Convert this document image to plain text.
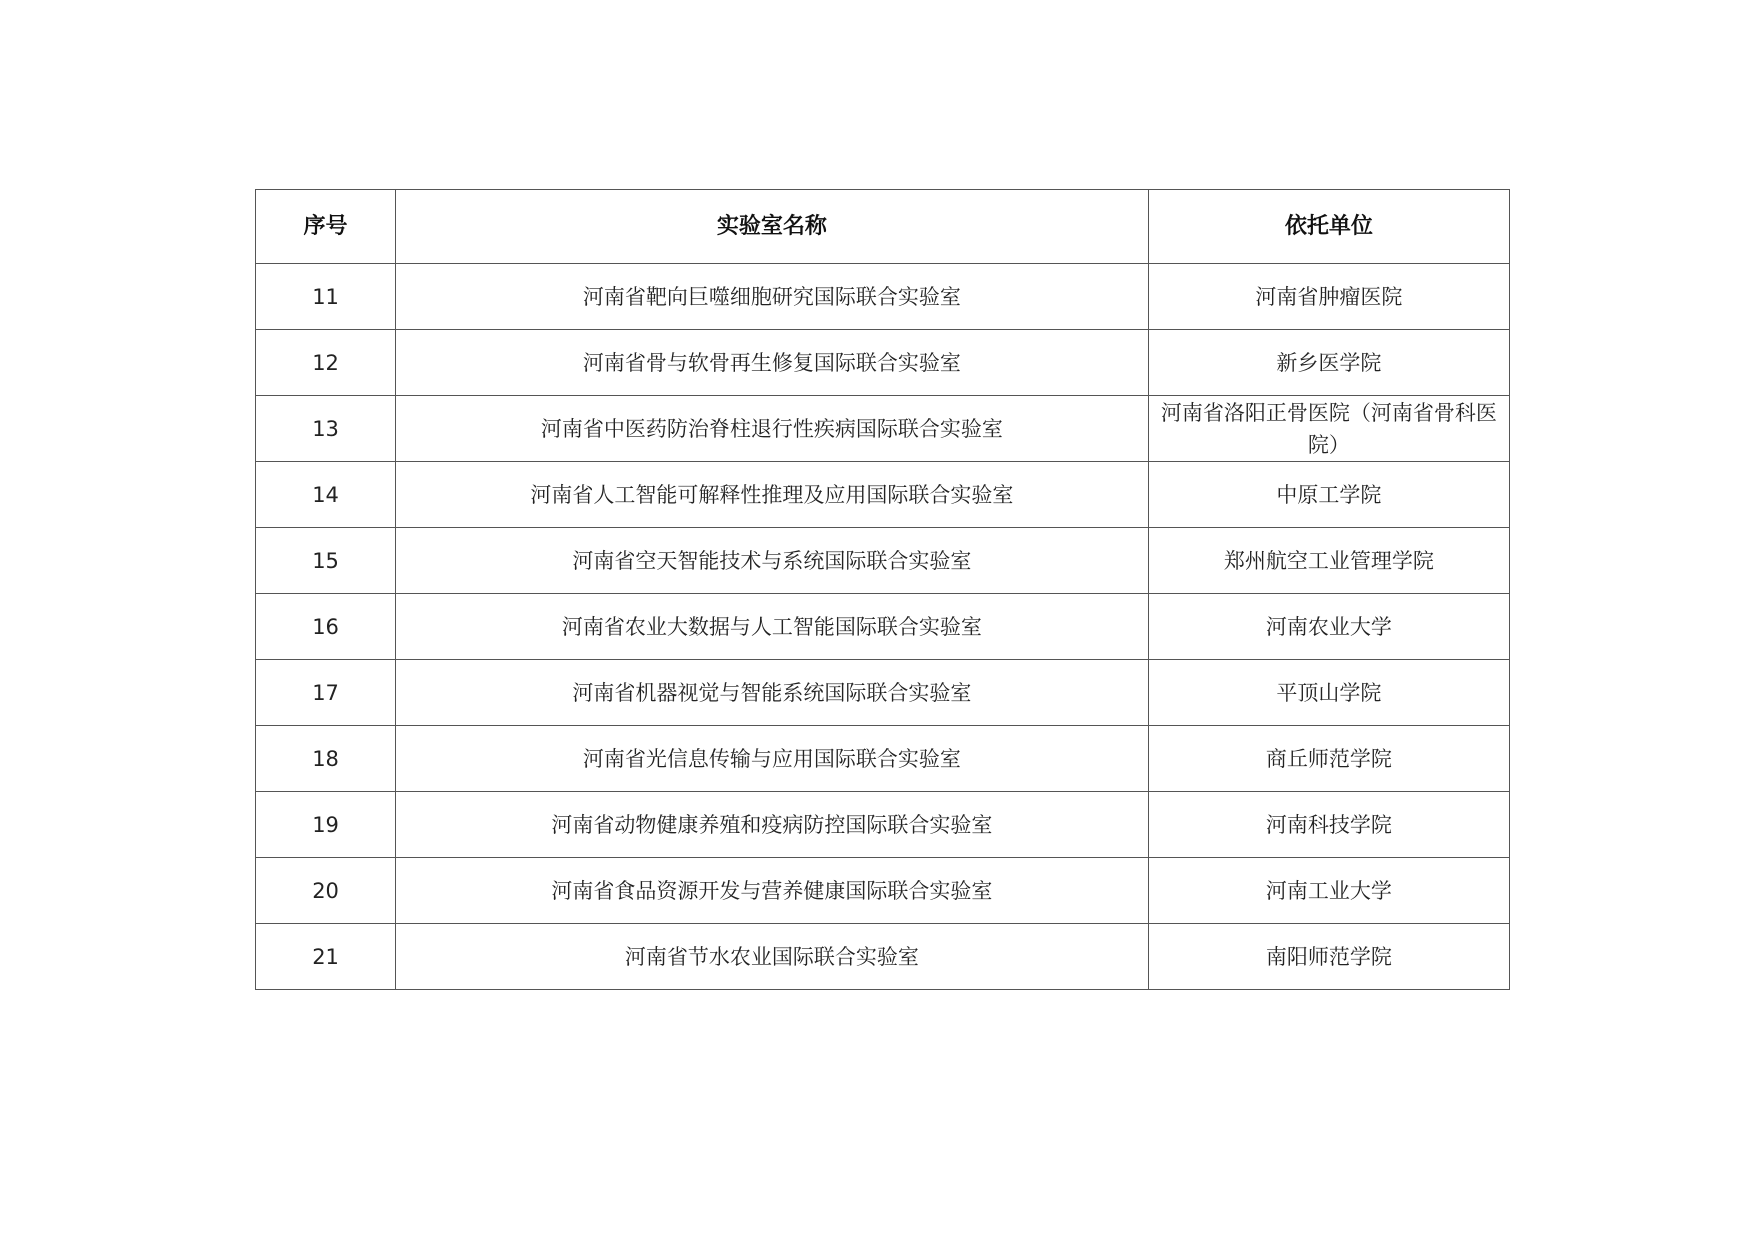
序号	实验室名称	依托单位
11	河南省靶向巨噬细胞研究国际联合实验室	河南省肿瘤医院
12	河南省骨与软骨再生修复国际联合实验室	新乡医学院
13	河南省中医药防治脊柱退行性疾病国际联合实验室	河南省洛阳正骨医院（河南省骨科医院）
14	河南省人工智能可解释性推理及应用国际联合实验室	中原工学院
15	河南省空天智能技术与系统国际联合实验室	郑州航空工业管理学院
16	河南省农业大数据与人工智能国际联合实验室	河南农业大学
17	河南省机器视觉与智能系统国际联合实验室	平顶山学院
18	河南省光信息传输与应用国际联合实验室	商丘师范学院
19	河南省动物健康养殖和疫病防控国际联合实验室	河南科技学院
20	河南省食品资源开发与营养健康国际联合实验室	河南工业大学
21	河南省节水农业国际联合实验室	南阳师范学院
